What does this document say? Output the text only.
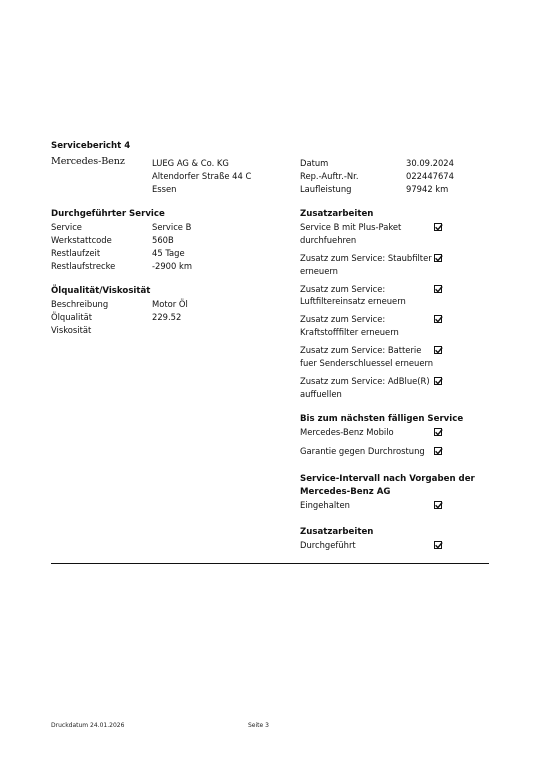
Servicebericht 4
Mercedes-Benz	LUEG AG & Co. KG
Altendorfer Straße 44 C
Essen
Datum	30.09.2024
Rep.-Auftr.-Nr.	022447674
Laufleistung	97942 km
Durchgeführter Service
Service	Service B
Werkstattcode	560B
Restlaufzeit	45 Tage
Restlaufstrecke	-2900 km
Ölqualität/Viskosität
Beschreibung	Motor Öl
Ölqualität	229.52
Viskosität
Zusatzarbeiten
Service B mit Plus-Paket
durchfuehren
Zusatz zum Service: Staubfilter
erneuern
Zusatz zum Service:
Luftfiltereinsatz erneuern
Zusatz zum Service:
Kraftstofffilter erneuern
Zusatz zum Service: Batterie
fuer Senderschluessel erneuern
Zusatz zum Service: AdBlue(R)
auffuellen
Bis zum nächsten fälligen Service
Mercedes-Benz Mobilo
Garantie gegen Durchrostung
Service-Intervall nach Vorgaben der
Mercedes-Benz AG
Eingehalten
Zusatzarbeiten
Durchgeführt
Druckdatum 24.01.2026	Seite 3
